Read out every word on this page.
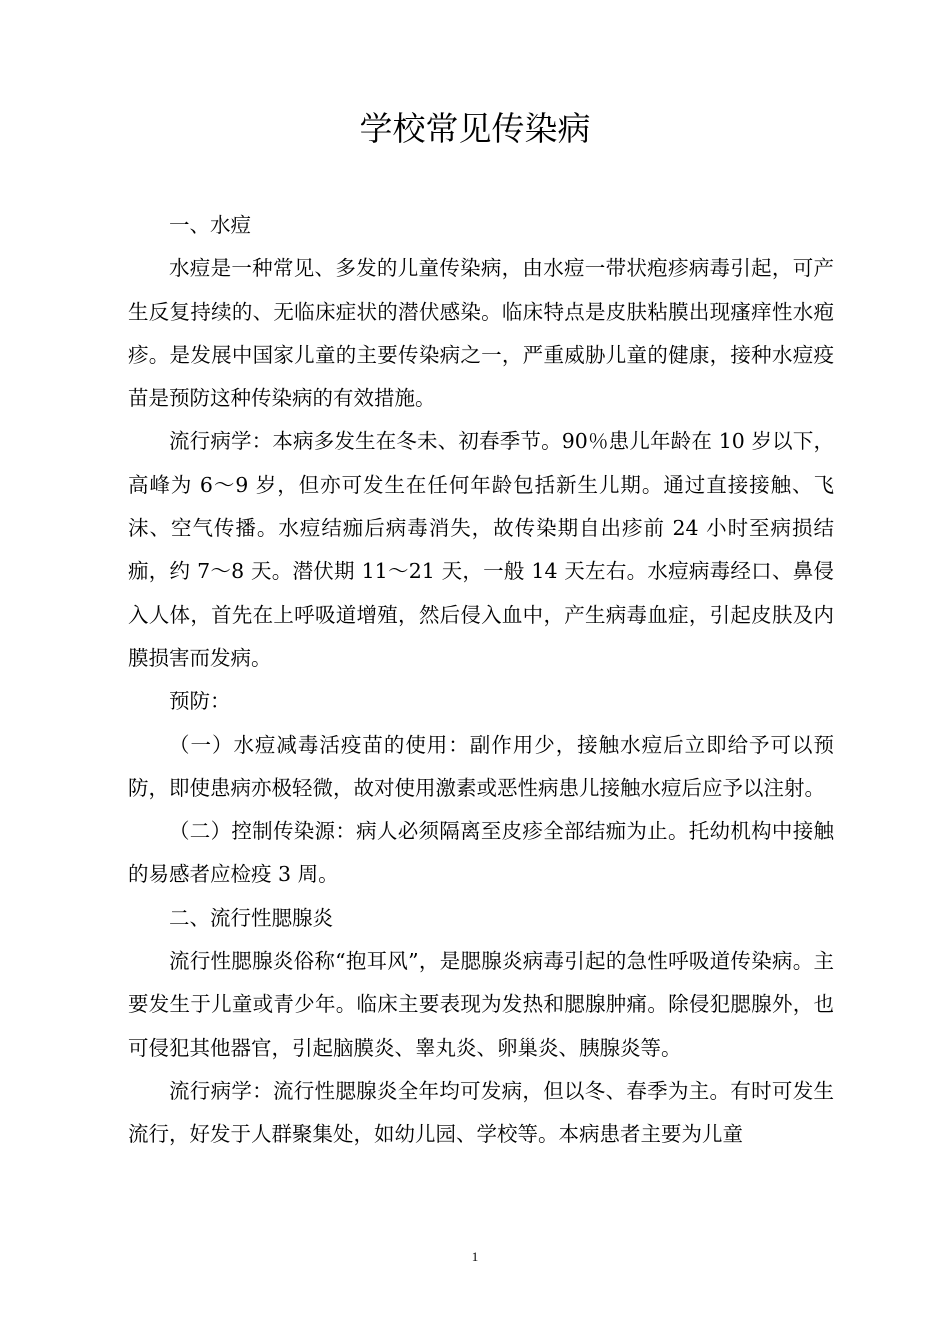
学校常见传染病

一、水痘

水痘是一种常见、多发的儿童传染病，由水痘一带状疱疹病毒引起，可产生反复持续的、无临床症状的潜伏感染。临床特点是皮肤粘膜出现瘙痒性水疱疹。是发展中国家儿童的主要传染病之一，严重威胁儿童的健康，接种水痘疫苗是预防这种传染病的有效措施。

流行病学：本病多发生在冬未、初春季节。90％患儿年龄在 10 岁以下，高峰为 6～9 岁，但亦可发生在任何年龄包括新生儿期。通过直接接触、飞沫、空气传播。水痘结痂后病毒消失，故传染期自出疹前 24 小时至病损结痂，约 7～8 天。潜伏期 11～21 天，一般 14 天左右。水痘病毒经口、鼻侵入人体，首先在上呼吸道增殖，然后侵入血中，产生病毒血症，引起皮肤及内膜损害而发病。

预防：

（一）水痘减毒活疫苗的使用：副作用少，接触水痘后立即给予可以预防，即使患病亦极轻微，故对使用激素或恶性病患儿接触水痘后应予以注射。

（二）控制传染源：病人必须隔离至皮疹全部结痂为止。托幼机构中接触的易感者应检疫 3 周。

二、流行性腮腺炎

流行性腮腺炎俗称“抱耳风”，是腮腺炎病毒引起的急性呼吸道传染病。主要发生于儿童或青少年。临床主要表现为发热和腮腺肿痛。除侵犯腮腺外，也可侵犯其他器官，引起脑膜炎、睾丸炎、卵巢炎、胰腺炎等。

流行病学：流行性腮腺炎全年均可发病，但以冬、春季为主。有时可发生流行，好发于人群聚集处，如幼儿园、学校等。本病患者主要为儿童

1
